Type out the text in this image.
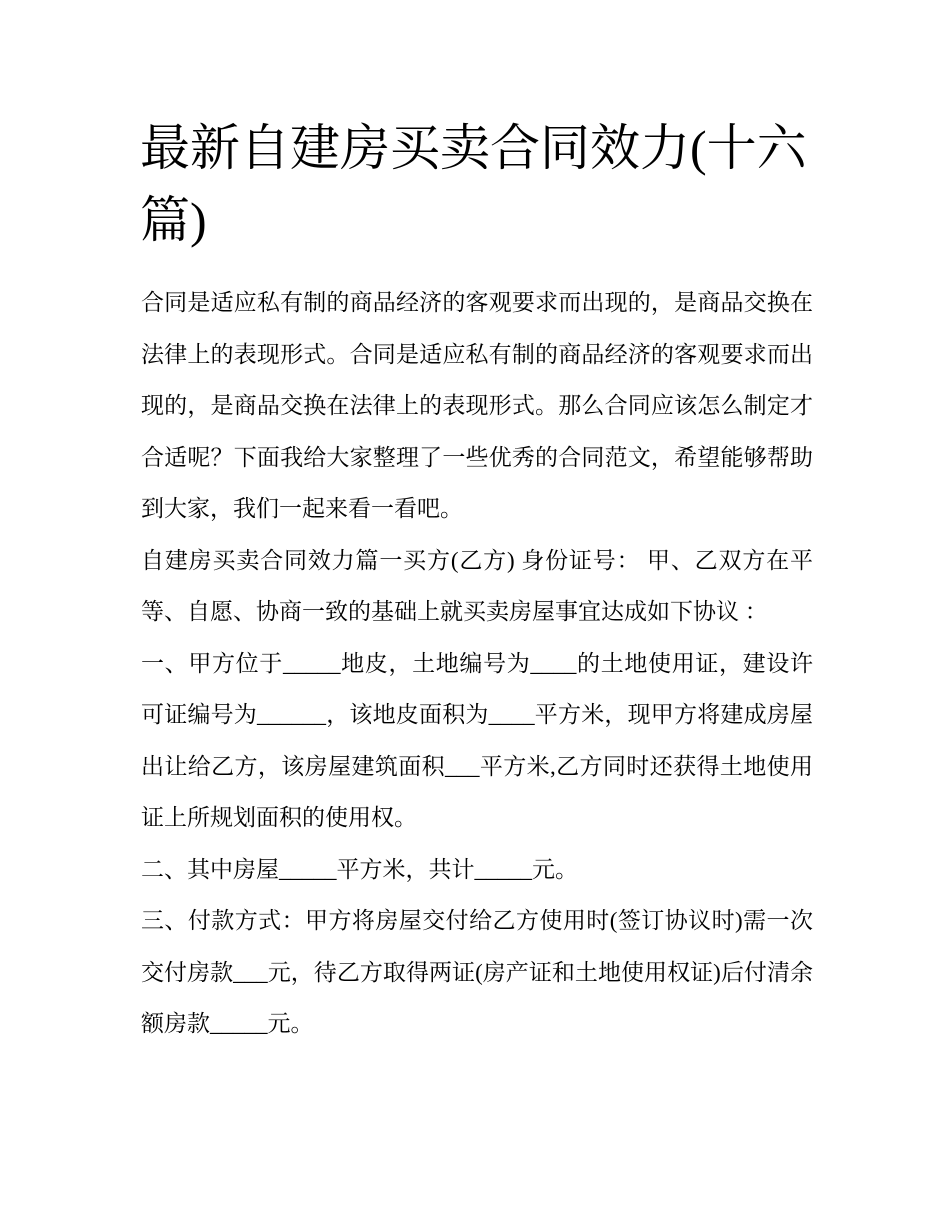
最新自建房买卖合同效力(十六篇)

合同是适应私有制的商品经济的客观要求而出现的，是商品交换在法律上的表现形式。合同是适应私有制的商品经济的客观要求而出现的，是商品交换在法律上的表现形式。那么合同应该怎么制定才合适呢？下面我给大家整理了一些优秀的合同范文，希望能够帮助到大家，我们一起来看一看吧。

自建房买卖合同效力篇一买方(乙方) 身份证号： 甲、乙双方在平等、自愿、协商一致的基础上就买卖房屋事宜达成如下协议 ：

一、甲方位于_____地皮，土地编号为____的土地使用证，建设许可证编号为______，该地皮面积为____平方米，现甲方将建成房屋出让给乙方，该房屋建筑面积___平方米,乙方同时还获得土地使用证上所规划面积的使用权。

二、其中房屋_____平方米，共计_____元。

三、付款方式：甲方将房屋交付给乙方使用时(签订协议时)需一次交付房款___元，待乙方取得两证(房产证和土地使用权证)后付清余额房款_____元。
